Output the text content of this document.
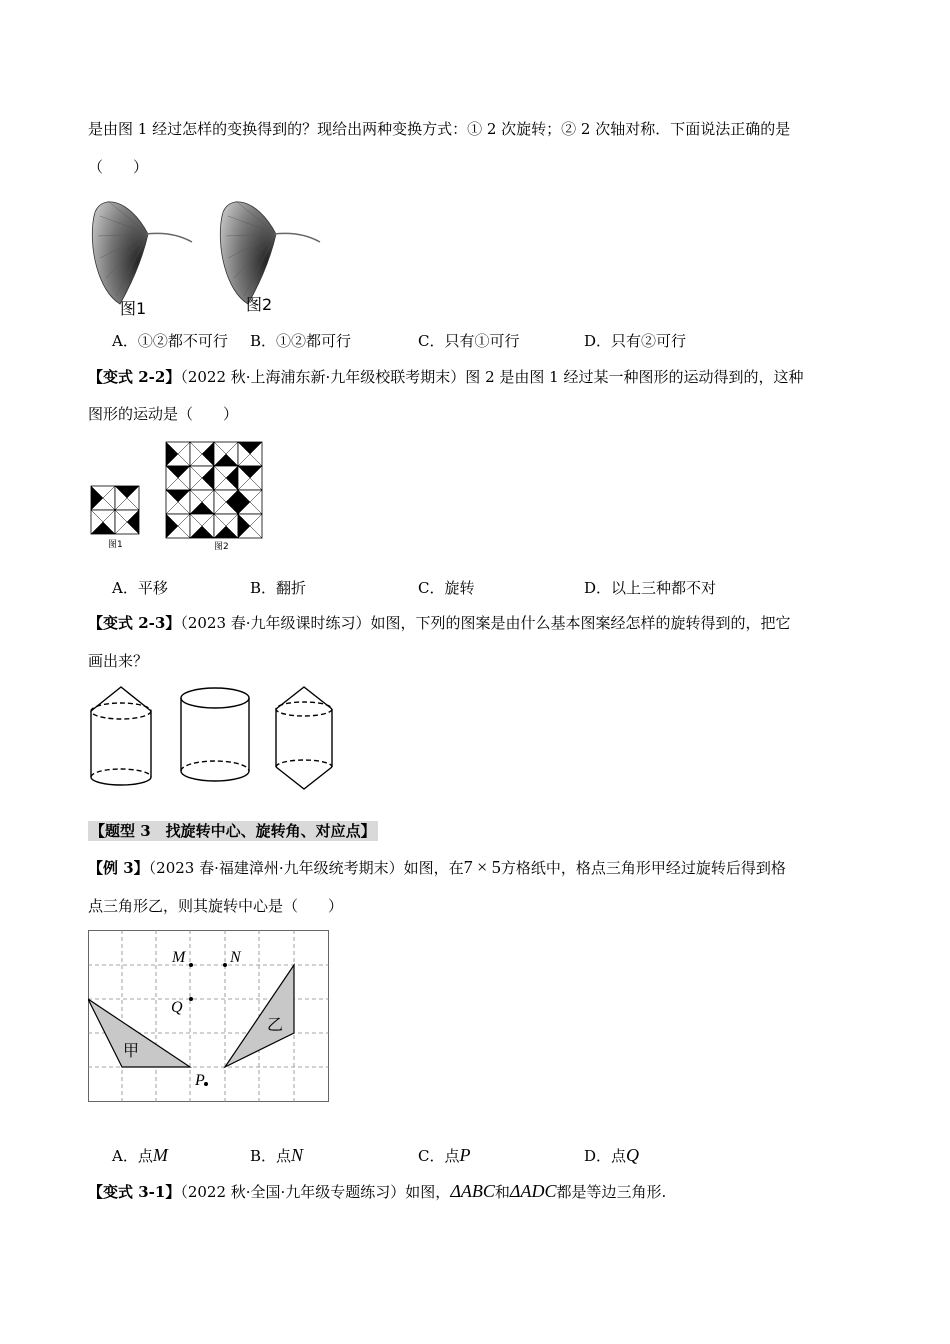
是由图 1 经过怎样的变换得到的？现给出两种变换方式：① 2 次旋转；② 2 次轴对称．下面说法正确的是
（　　）
图1	图2
A．①②都不可行 B．①②都可行	C．只有①可行	D．只有②可行
【变式 2-2】（2022 秋·上海浦东新·九年级校联考期末）图 2 是由图 1 经过某一种图形的运动得到的，这种
图形的运动是（　　）
图1	图2
A．平移	B．翻折	C．旋转	D．以上三种都不对
【变式 2-3】（2023 春·九年级课时练习）如图，下列的图案是由什么基本图案经怎样的旋转得到的，把它
画出来？
【题型 3　找旋转中心、旋转角、对应点】
【例 3】（2023 春·福建漳州·九年级统考期末）如图，在7 × 5方格纸中，格点三角形甲经过旋转后得到格
点三角形乙，则其旋转中心是（　　）
M	N
Q
P
甲
乙
A．点M	B．点N	C．点P	D．点Q
【变式 3-1】（2022 秋·全国·九年级专题练习）如图，ΔABC和ΔADC都是等边三角形.
